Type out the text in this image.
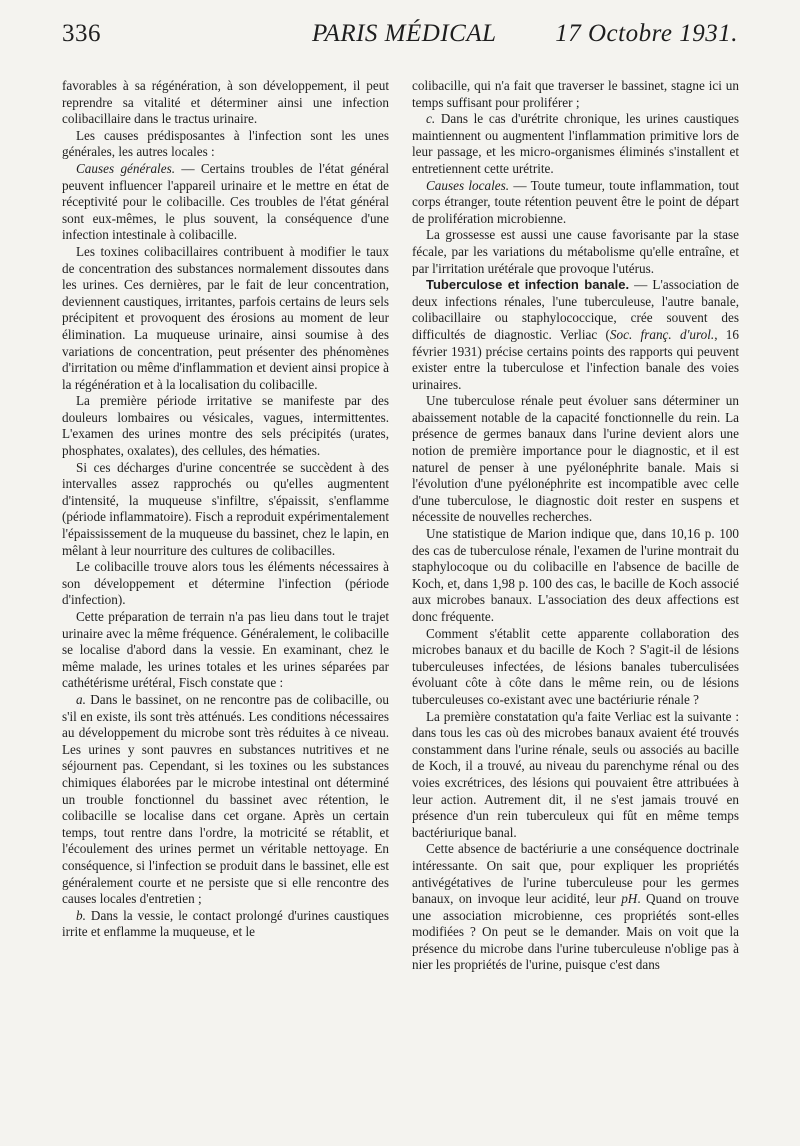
336	PARIS MÉDICAL 17 Octobre 1931.

favorables à sa régénération, à son développement, il peut reprendre sa vitalité et déterminer ainsi une infection colibacillaire dans le tractus urinaire.

Les causes prédisposantes à l'infection sont les unes générales, les autres locales :

Causes générales. — Certains troubles de l'état général peuvent influencer l'appareil urinaire et le mettre en état de réceptivité pour le colibacille. Ces troubles de l'état général sont eux-mêmes, le plus souvent, la conséquence d'une infection intestinale à colibacille.

Les toxines colibacillaires contribuent à modifier le taux de concentration des substances normalement dissoutes dans les urines. Ces dernières, par le fait de leur concentration, deviennent caustiques, irritantes, parfois certains de leurs sels précipitent et provoquent des érosions au moment de leur élimination. La muqueuse urinaire, ainsi soumise à des variations de concentration, peut présenter des phénomènes d'irritation ou même d'inflammation et devient ainsi propice à la régénération et à la localisation du colibacille.

La première période irritative se manifeste par des douleurs lombaires ou vésicales, vagues, intermittentes. L'examen des urines montre des sels précipités (urates, phosphates, oxalates), des cellules, des hématies.

Si ces décharges d'urine concentrée se succèdent à des intervalles assez rapprochés ou qu'elles augmentent d'intensité, la muqueuse s'infiltre, s'épaissit, s'enflamme (période inflammatoire). Fisch a reproduit expérimentalement l'épaississement de la muqueuse du bassinet, chez le lapin, en mêlant à leur nourriture des cultures de colibacilles.

Le colibacille trouve alors tous les éléments nécessaires à son développement et détermine l'infection (période d'infection).

Cette préparation de terrain n'a pas lieu dans tout le trajet urinaire avec la même fréquence. Généralement, le colibacille se localise d'abord dans la vessie. En examinant, chez le même malade, les urines totales et les urines séparées par cathétérisme urétéral, Fisch constate que :

a. Dans le bassinet, on ne rencontre pas de colibacille, ou s'il en existe, ils sont très atténués. Les conditions nécessaires au développement du microbe sont très réduites à ce niveau. Les urines y sont pauvres en substances nutritives et ne séjournent pas. Cependant, si les toxines ou les substances chimiques élaborées par le microbe intestinal ont déterminé un trouble fonctionnel du bassinet avec rétention, le colibacille se localise dans cet organe. Après un certain temps, tout rentre dans l'ordre, la motricité se rétablit, et l'écoulement des urines permet un véritable nettoyage. En conséquence, si l'infection se produit dans le bassinet, elle est généralement courte et ne persiste que si elle rencontre des causes locales d'entretien ;

b. Dans la vessie, le contact prolongé d'urines caustiques irrite et enflamme la muqueuse, et le

colibacille, qui n'a fait que traverser le bassinet, stagne ici un temps suffisant pour proliférer ;

c. Dans le cas d'urétrite chronique, les urines caustiques maintiennent ou augmentent l'inflammation primitive lors de leur passage, et les micro-organismes éliminés s'installent et entretiennent cette urétrite.

Causes locales. — Toute tumeur, toute inflammation, tout corps étranger, toute rétention peuvent être le point de départ de prolifération microbienne.

La grossesse est aussi une cause favorisante par la stase fécale, par les variations du métabolisme qu'elle entraîne, et par l'irritation urétérale que provoque l'utérus.

Tuberculose et infection banale. — L'association de deux infections rénales, l'une tuberculeuse, l'autre banale, colibacillaire ou staphylococcique, crée souvent des difficultés de diagnostic. Verliac (Soc. franç. d'urol., 16 février 1931) précise certains points des rapports qui peuvent exister entre la tuberculose et l'infection banale des voies urinaires.

Une tuberculose rénale peut évoluer sans déterminer un abaissement notable de la capacité fonctionnelle du rein. La présence de germes banaux dans l'urine devient alors une notion de première importance pour le diagnostic, et il est naturel de penser à une pyélonéphrite banale. Mais si l'évolution d'une pyélonéphrite est incompatible avec celle d'une tuberculose, le diagnostic doit rester en suspens et nécessite de nouvelles recherches.

Une statistique de Marion indique que, dans 10,16 p. 100 des cas de tuberculose rénale, l'examen de l'urine montrait du staphylocoque ou du colibacille en l'absence de bacille de Koch, et, dans 1,98 p. 100 des cas, le bacille de Koch associé aux microbes banaux. L'association des deux affections est donc fréquente.

Comment s'établit cette apparente collaboration des microbes banaux et du bacille de Koch ? S'agit-il de lésions tuberculeuses infectées, de lésions banales tuberculisées évoluant côte à côte dans le même rein, ou de lésions tuberculeuses co-existant avec une bactériurie rénale ?

La première constatation qu'a faite Verliac est la suivante : dans tous les cas où des microbes banaux avaient été trouvés constamment dans l'urine rénale, seuls ou associés au bacille de Koch, il a trouvé, au niveau du parenchyme rénal ou des voies excrétrices, des lésions qui pouvaient être attribuées à leur action. Autrement dit, il ne s'est jamais trouvé en présence d'un rein tuberculeux qui fût en même temps bactériurique banal.

Cette absence de bactériurie a une conséquence doctrinale intéressante. On sait que, pour expliquer les propriétés antivégétatives de l'urine tuberculeuse pour les germes banaux, on invoque leur acidité, leur pH. Quand on trouve une association microbienne, ces propriétés sont-elles modifiées ? On peut se le demander. Mais on voit que la présence du microbe dans l'urine tuberculeuse n'oblige pas à nier les propriétés de l'urine, puisque c'est dans
